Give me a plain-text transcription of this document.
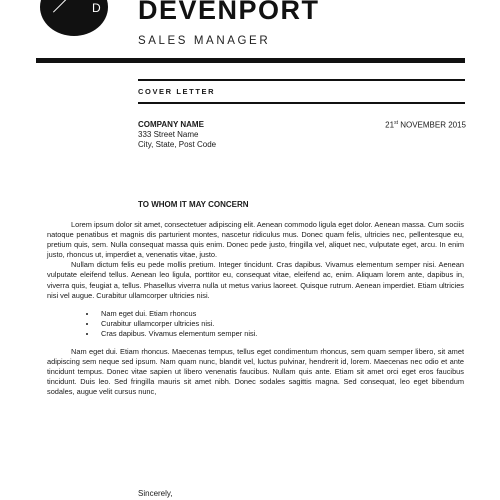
D DEVENPORT
SALES MANAGER
COVER LETTER
COMPANY NAME
333 Street Name
City, State, Post Code
21st NOVEMBER 2015
TO WHOM IT MAY CONCERN

Lorem ipsum dolor sit amet, consectetuer adipiscing elit. Aenean commodo ligula eget dolor. Aenean massa. Cum sociis natoque penatibus et magnis dis parturient montes, nascetur ridiculus mus. Donec quam felis, ultricies nec, pellentesque eu, pretium quis, sem. Nulla consequat massa quis enim. Donec pede justo, fringilla vel, aliquet nec, vulputate eget, arcu. In enim justo, rhoncus ut, imperdiet a, venenatis vitae, justo.

Nullam dictum felis eu pede mollis pretium. Integer tincidunt. Cras dapibus. Vivamus elementum semper nisi. Aenean vulputate eleifend tellus. Aenean leo ligula, porttitor eu, consequat vitae, eleifend ac, enim. Aliquam lorem ante, dapibus in, viverra quis, feugiat a, tellus. Phasellus viverra nulla ut metus varius laoreet. Quisque rutrum. Aenean imperdiet. Etiam ultricies nisi vel augue. Curabitur ullamcorper ultricies nisi.

• Nam eget dui. Etiam rhoncus
• Curabitur ullamcorper ultricies nisi.
• Cras dapibus. Vivamus elementum semper nisi.

Nam eget dui. Etiam rhoncus. Maecenas tempus, tellus eget condimentum rhoncus, sem quam semper libero, sit amet adipiscing sem neque sed ipsum. Nam quam nunc, blandit vel, luctus pulvinar, hendrerit id, lorem. Maecenas nec odio et ante tincidunt tempus. Donec vitae sapien ut libero venenatis faucibus. Nullam quis ante. Etiam sit amet orci eget eros faucibus tincidunt. Duis leo. Sed fringilla mauris sit amet nibh. Donec sodales sagittis magna. Sed consequat, leo eget bibendum sodales, augue velit cursus nunc,

Sincerely,
